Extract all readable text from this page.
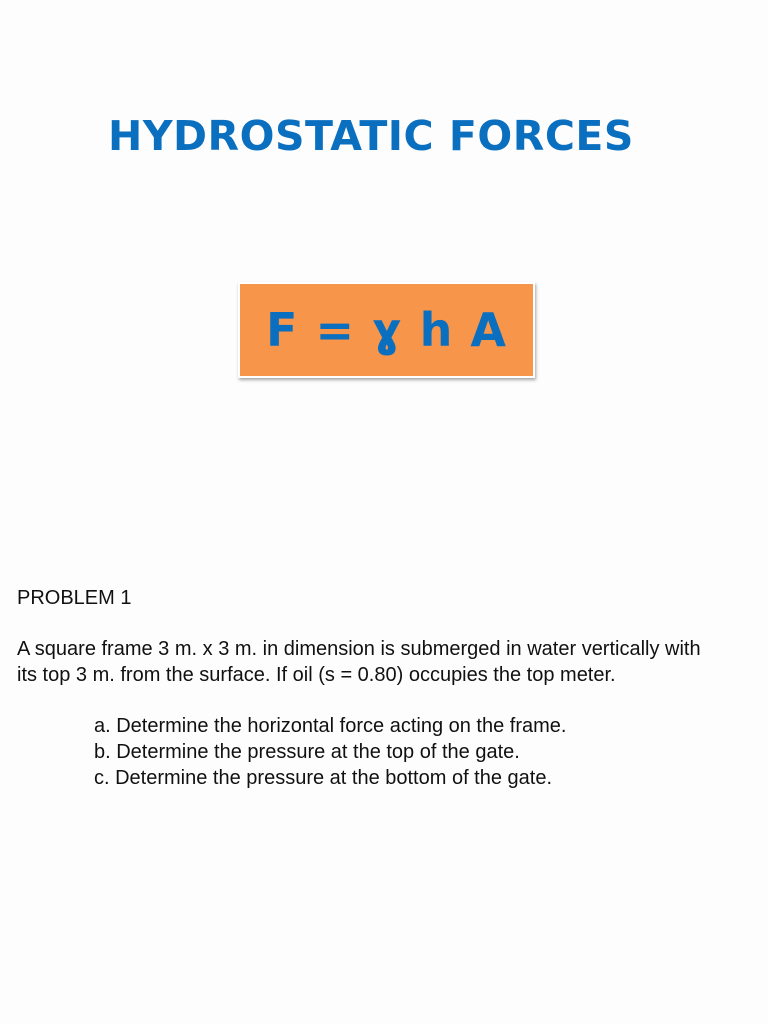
HYDROSTATIC FORCES
F = ɣ h A
PROBLEM 1

A square frame 3 m. x 3 m. in dimension is submerged in water vertically with
its top 3 m. from the surface. If oil (s = 0.80) occupies the top meter.

a. Determine the horizontal force acting on the frame.
b. Determine the pressure at the top of the gate.
c. Determine the pressure at the bottom of the gate.
